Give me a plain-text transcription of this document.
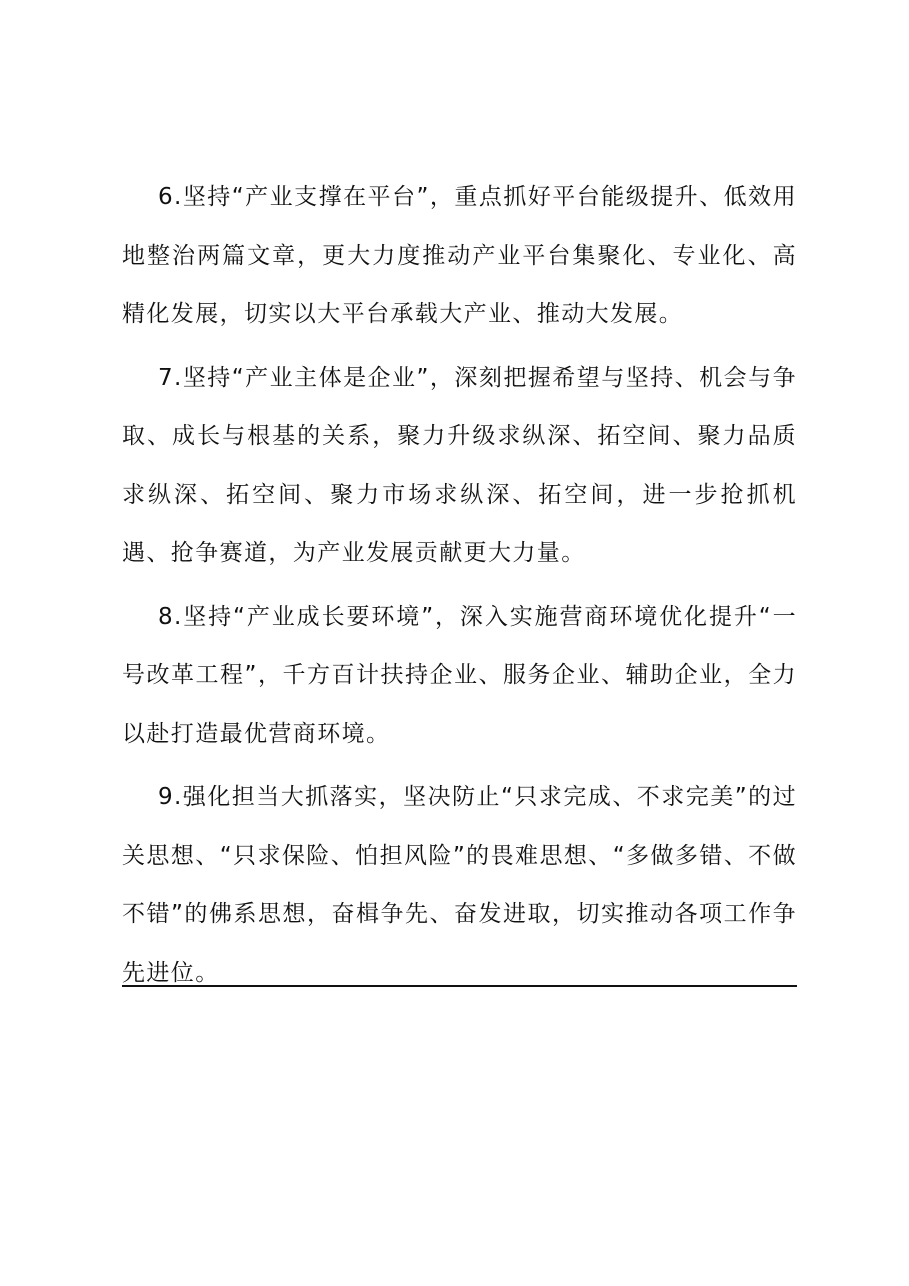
6.坚持“产业支撑在平台”，重点抓好平台能级提升、低效用地整治两篇文章，更大力度推动产业平台集聚化、专业化、高精化发展，切实以大平台承载大产业、推动大发展。

7.坚持“产业主体是企业”，深刻把握希望与坚持、机会与争取、成长与根基的关系，聚力升级求纵深、拓空间、聚力品质求纵深、拓空间、聚力市场求纵深、拓空间，进一步抢抓机遇、抢争赛道，为产业发展贡献更大力量。

8.坚持“产业成长要环境”，深入实施营商环境优化提升“一号改革工程”，千方百计扶持企业、服务企业、辅助企业，全力以赴打造最优营商环境。

9.强化担当大抓落实，坚决防止“只求完成、不求完美”的过关思想、“只求保险、怕担风险”的畏难思想、“多做多错、不做不错”的佛系思想，奋楫争先、奋发进取，切实推动各项工作争先进位。
